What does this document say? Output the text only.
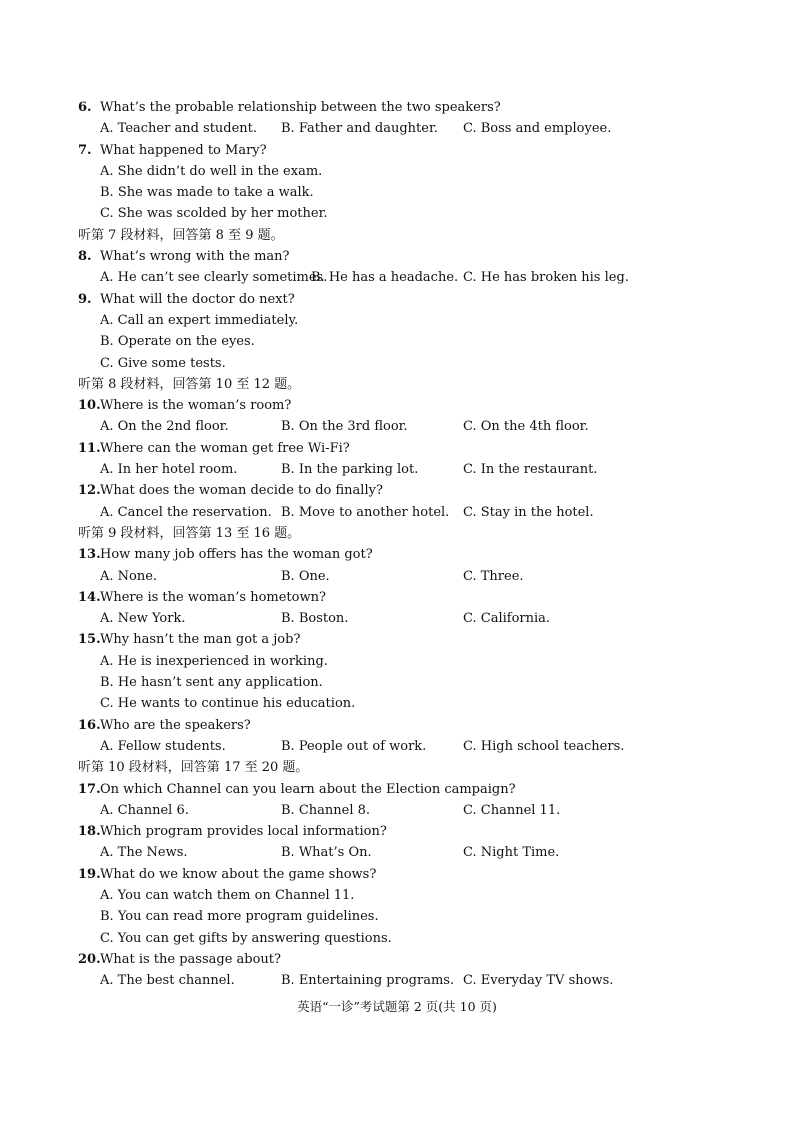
6. What’s the probable relationship between the two speakers?
A. Teacher and student. B. Father and daughter. C. Boss and employee.
7. What happened to Mary?
A. She didn’t do well in the exam.
B. She was made to take a walk.
C. She was scolded by her mother.
听第 7 段材料，回答第 8 至 9 题。
8. What’s wrong with the man?
A. He can’t see clearly sometimes.
B. He has a headache. C. He has broken his leg.
9. What will the doctor do next?
A. Call an expert immediately.
B. Operate on the eyes.
C. Give some tests.
听第 8 段材料，回答第 10 至 12 题。
10.Where is the woman’s room?
A. On the 2nd floor.	B. On the 3rd floor.	C. On the 4th floor.
11.Where can the woman get free Wi-Fi?
A. In her hotel room.	B. In the parking lot.	C. In the restaurant.
12.What does the woman decide to do finally?
A. Cancel the reservation. B. Move to another hotel. C. Stay in the hotel.
听第 9 段材料，回答第 13 至 16 题。
13.How many job offers has the woman got?
A. None.	B. One.	C. Three.
14.Where is the woman’s hometown?
A. New York.	B. Boston.	C. California.
15.Why hasn’t the man got a job?
A. He is inexperienced in working.
B. He hasn’t sent any application.
C. He wants to continue his education.
16.Who are the speakers?
A. Fellow students.	B. People out of work.	C. High school teachers.
听第 10 段材料，回答第 17 至 20 题。
17.On which Channel can you learn about the Election campaign?
A. Channel 6.	B. Channel 8.	C. Channel 11.
18.Which program provides local information?
A. The News.	B. What’s On.	C. Night Time.
19.What do we know about the game shows?
A. You can watch them on Channel 11.
B. You can read more program guidelines.
C. You can get gifts by answering questions.
20.What is the passage about?
A. The best channel.	B. Entertaining programs. C. Everyday TV shows.
英语“一诊”考试题第 2 页(共 10 页)
